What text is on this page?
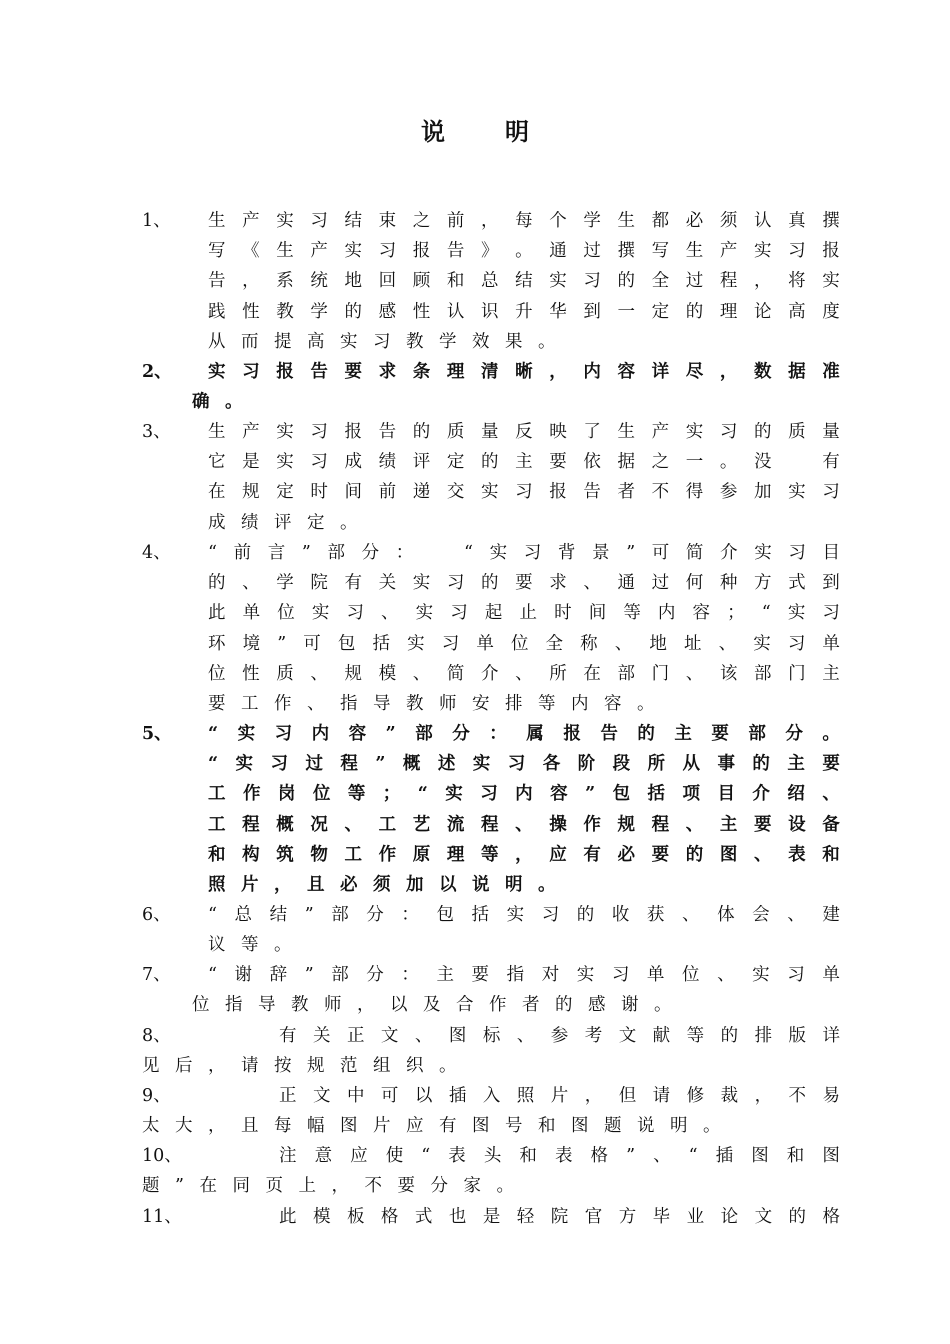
说明
1、 生 产 实 习 结 束 之 前 ， 每 个 学 生 都 必 须 认 真 撰
写 《 生 产 实 习 报 告 》 。 通 过 撰 写 生 产 实 习 报
告 ， 系 统 地 回 顾 和 总 结 实 习 的 全 过 程 ， 将 实
践 性 教 学 的 感 性 认 识 升 华 到 一 定 的 理 论 高 度
从而提高实习教学效果。
2、 实 习 报 告 要 求 条 理 清 晰 ， 内 容 详 尽 ， 数 据 准
确。
3、 生 产 实 习 报 告 的 质 量 反 映 了 生 产 实 习 的 质 量
它 是 实 习 成 绩 评 定 的 主 要 依 据 之 一 。 没
　	有
在 规 定 时 间 前 递 交 实 习 报 告 者 不 得 参 加 实 习
成绩评定。
4、 “ 前 言 ” 部 分 ：
　	“ 实 习 背 景 ” 可 简 介 实 习 目
的 、 学 院 有 关 实 习 的 要 求 、 通 过 何 种 方 式 到
此 单 位 实 习 、 实 习 起 止 时 间 等 内 容 ； “ 实 习
环 境 ” 可 包 括 实 习 单 位 全 称 、 地 址 、 实 习 单
位 性 质 、 规 模 、 简 介 、 所 在 部 门 、 该 部 门 主
要工作、指导教师安排等内容。
5、 “ 实 习 内 容 ” 部 分 ： 属 报 告 的 主 要 部 分 。
“ 实 习 过 程 ” 概 述 实 习 各 阶 段 所 从 事 的 主 要
工 作 岗 位 等 ； “ 实 习 内 容 ” 包 括 项 目 介 绍 、
工 程 概 况 、 工 艺 流 程 、 操 作 规 程 、 主 要 设 备
和 构 筑 物 工 作 原 理 等 ， 应 有 必 要 的 图 、 表 和
照片，且必须加以说明。
6、 “ 总 结 ” 部 分 ： 包 括 实 习 的 收 获 、 体 会 、 建
议等。
7、 “ 谢 辞 ” 部 分 ： 主 要 指 对 实 习 单 位 、 实 习 单
位指导教师，以及合作者的感谢。
8、	有 关 正 文 、 图 标 、 参 考 文 献 等 的 排 版 详
见后，请按规范组织。
9、	正 文 中 可 以 插 入 照 片 ， 但 请 修 裁 ， 不 易
太大，且每幅图片应有图号和图题说明。
10、	注 意 应 使 “ 表 头 和 表 格 ” 、 “ 插 图 和 图
题”在同页上，不要分家。
11、	此 模 板 格 式 也 是 轻 院 官 方 毕 业 论 文 的 格
